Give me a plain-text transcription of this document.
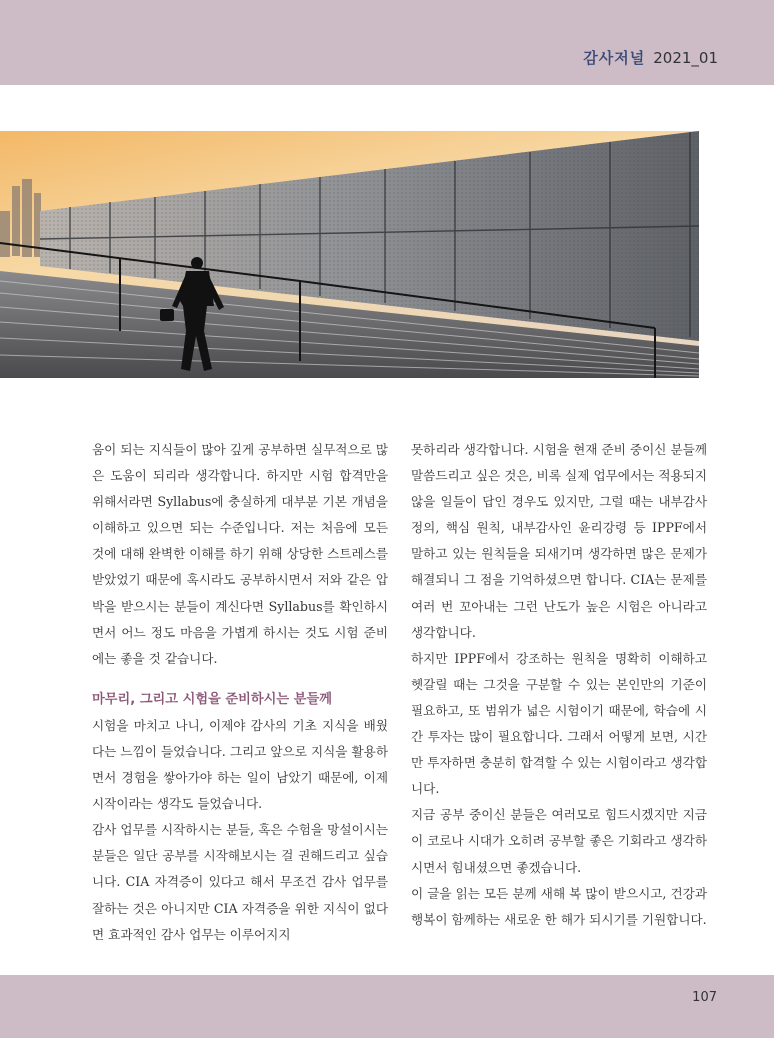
감사저널 2021_01

움이 되는 지식들이 많아 깊게 공부하면 실무적으로 많은 도움이 되리라 생각합니다. 하지만 시험 합격만을 위해서라면 Syllabus에 충실하게 대부분 기본 개념을 이해하고 있으면 되는 수준입니다. 저는 처음에 모든 것에 대해 완벽한 이해를 하기 위해 상당한 스트레스를 받았었기 때문에 혹시라도 공부하시면서 저와 같은 압박을 받으시는 분들이 계신다면 Syllabus를 확인하시면서 어느 정도 마음을 가볍게 하시는 것도 시험 준비에는 좋을 것 같습니다.

마무리, 그리고 시험을 준비하시는 분들께

시험을 마치고 나니, 이제야 감사의 기초 지식을 배웠다는 느낌이 들었습니다. 그리고 앞으로 지식을 활용하면서 경험을 쌓아가야 하는 일이 남았기 때문에, 이제 시작이라는 생각도 들었습니다.

감사 업무를 시작하시는 분들, 혹은 수험을 망설이시는 분들은 일단 공부를 시작해보시는 걸 권해드리고 싶습니다. CIA 자격증이 있다고 해서 무조건 감사 업무를 잘하는 것은 아니지만 CIA 자격증을 위한 지식이 없다면 효과적인 감사 업무는 이루어지지

못하리라 생각합니다. 시험을 현재 준비 중이신 분들께 말씀드리고 싶은 것은, 비록 실제 업무에서는 적용되지 않을 일들이 답인 경우도 있지만, 그럴 때는 내부감사 정의, 핵심 원칙, 내부감사인 윤리강령 등 IPPF에서 말하고 있는 원칙들을 되새기며 생각하면 많은 문제가 해결되니 그 점을 기억하셨으면 합니다. CIA는 문제를 여러 번 꼬아내는 그런 난도가 높은 시험은 아니라고 생각합니다.

하지만 IPPF에서 강조하는 원칙을 명확히 이해하고 헷갈릴 때는 그것을 구분할 수 있는 본인만의 기준이 필요하고, 또 범위가 넓은 시험이기 때문에, 학습에 시간 투자는 많이 필요합니다. 그래서 어떻게 보면, 시간만 투자하면 충분히 합격할 수 있는 시험이라고 생각합니다.

지금 공부 중이신 분들은 여러모로 힘드시겠지만 지금 이 코로나 시대가 오히려 공부할 좋은 기회라고 생각하시면서 힘내셨으면 좋겠습니다.

이 글을 읽는 모든 분께 새해 복 많이 받으시고, 건강과 행복이 함께하는 새로운 한 해가 되시기를 기원합니다.

107
